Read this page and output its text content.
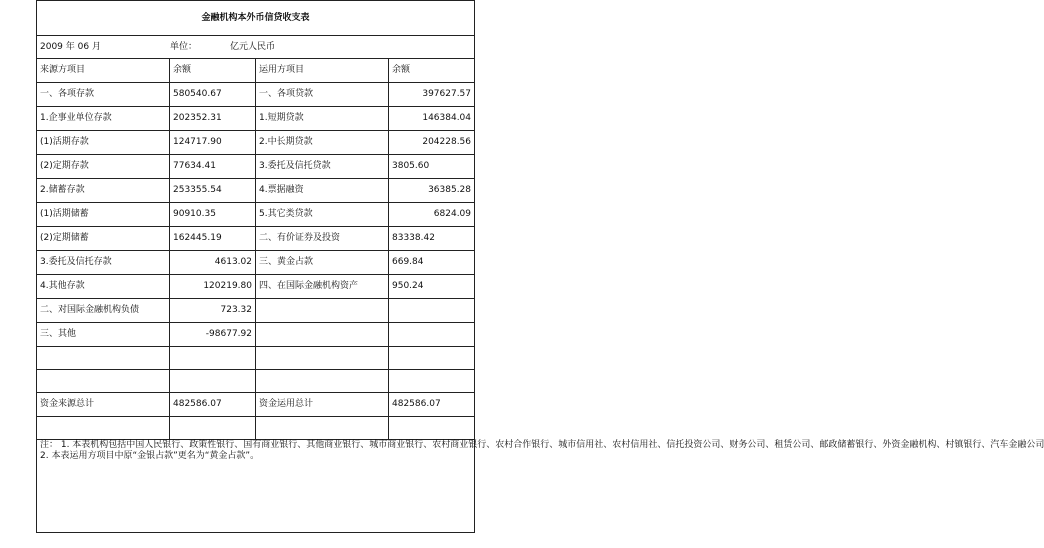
金融机构本外币信贷收支表			
2009 年 06 月 单位： 亿元人民币			
来源方项目	余额	运用方项目	余额
一、各项存款	580540.67	一、各项贷款	397627.57
1.企事业单位存款	202352.31	1.短期贷款	146384.04
(1)活期存款	124717.90	2.中长期贷款	204228.56
(2)定期存款	77634.41	3.委托及信托贷款	3805.60
2.储蓄存款	253355.54	4.票据融资	36385.28
(1)活期储蓄	90910.35	5.其它类贷款	6824.09
(2)定期储蓄	162445.19	二、有价证券及投资	83338.42
3.委托及信托存款	4613.02	三、黄金占款	669.84
4.其他存款	120219.80	四、在国际金融机构资产	950.24
二、对国际金融机构负债	723.32		
三、其他	-98677.92		

资金来源总计	482586.07	资金运用总计	482586.07

注： 1. 本表机构包括中国人民银行、政策性银行、国有商业银行、其他商业银行、城市商业银行、农村商业银行、农村合作银行、城市信用社、农村信用社、信托投资公司、财务公司、租赁公司、邮政储蓄银行、外资金融机构、村镇银行、汽车金融公司

2. 本表运用方项目中原“金银占款”更名为“黄金占款”。			
